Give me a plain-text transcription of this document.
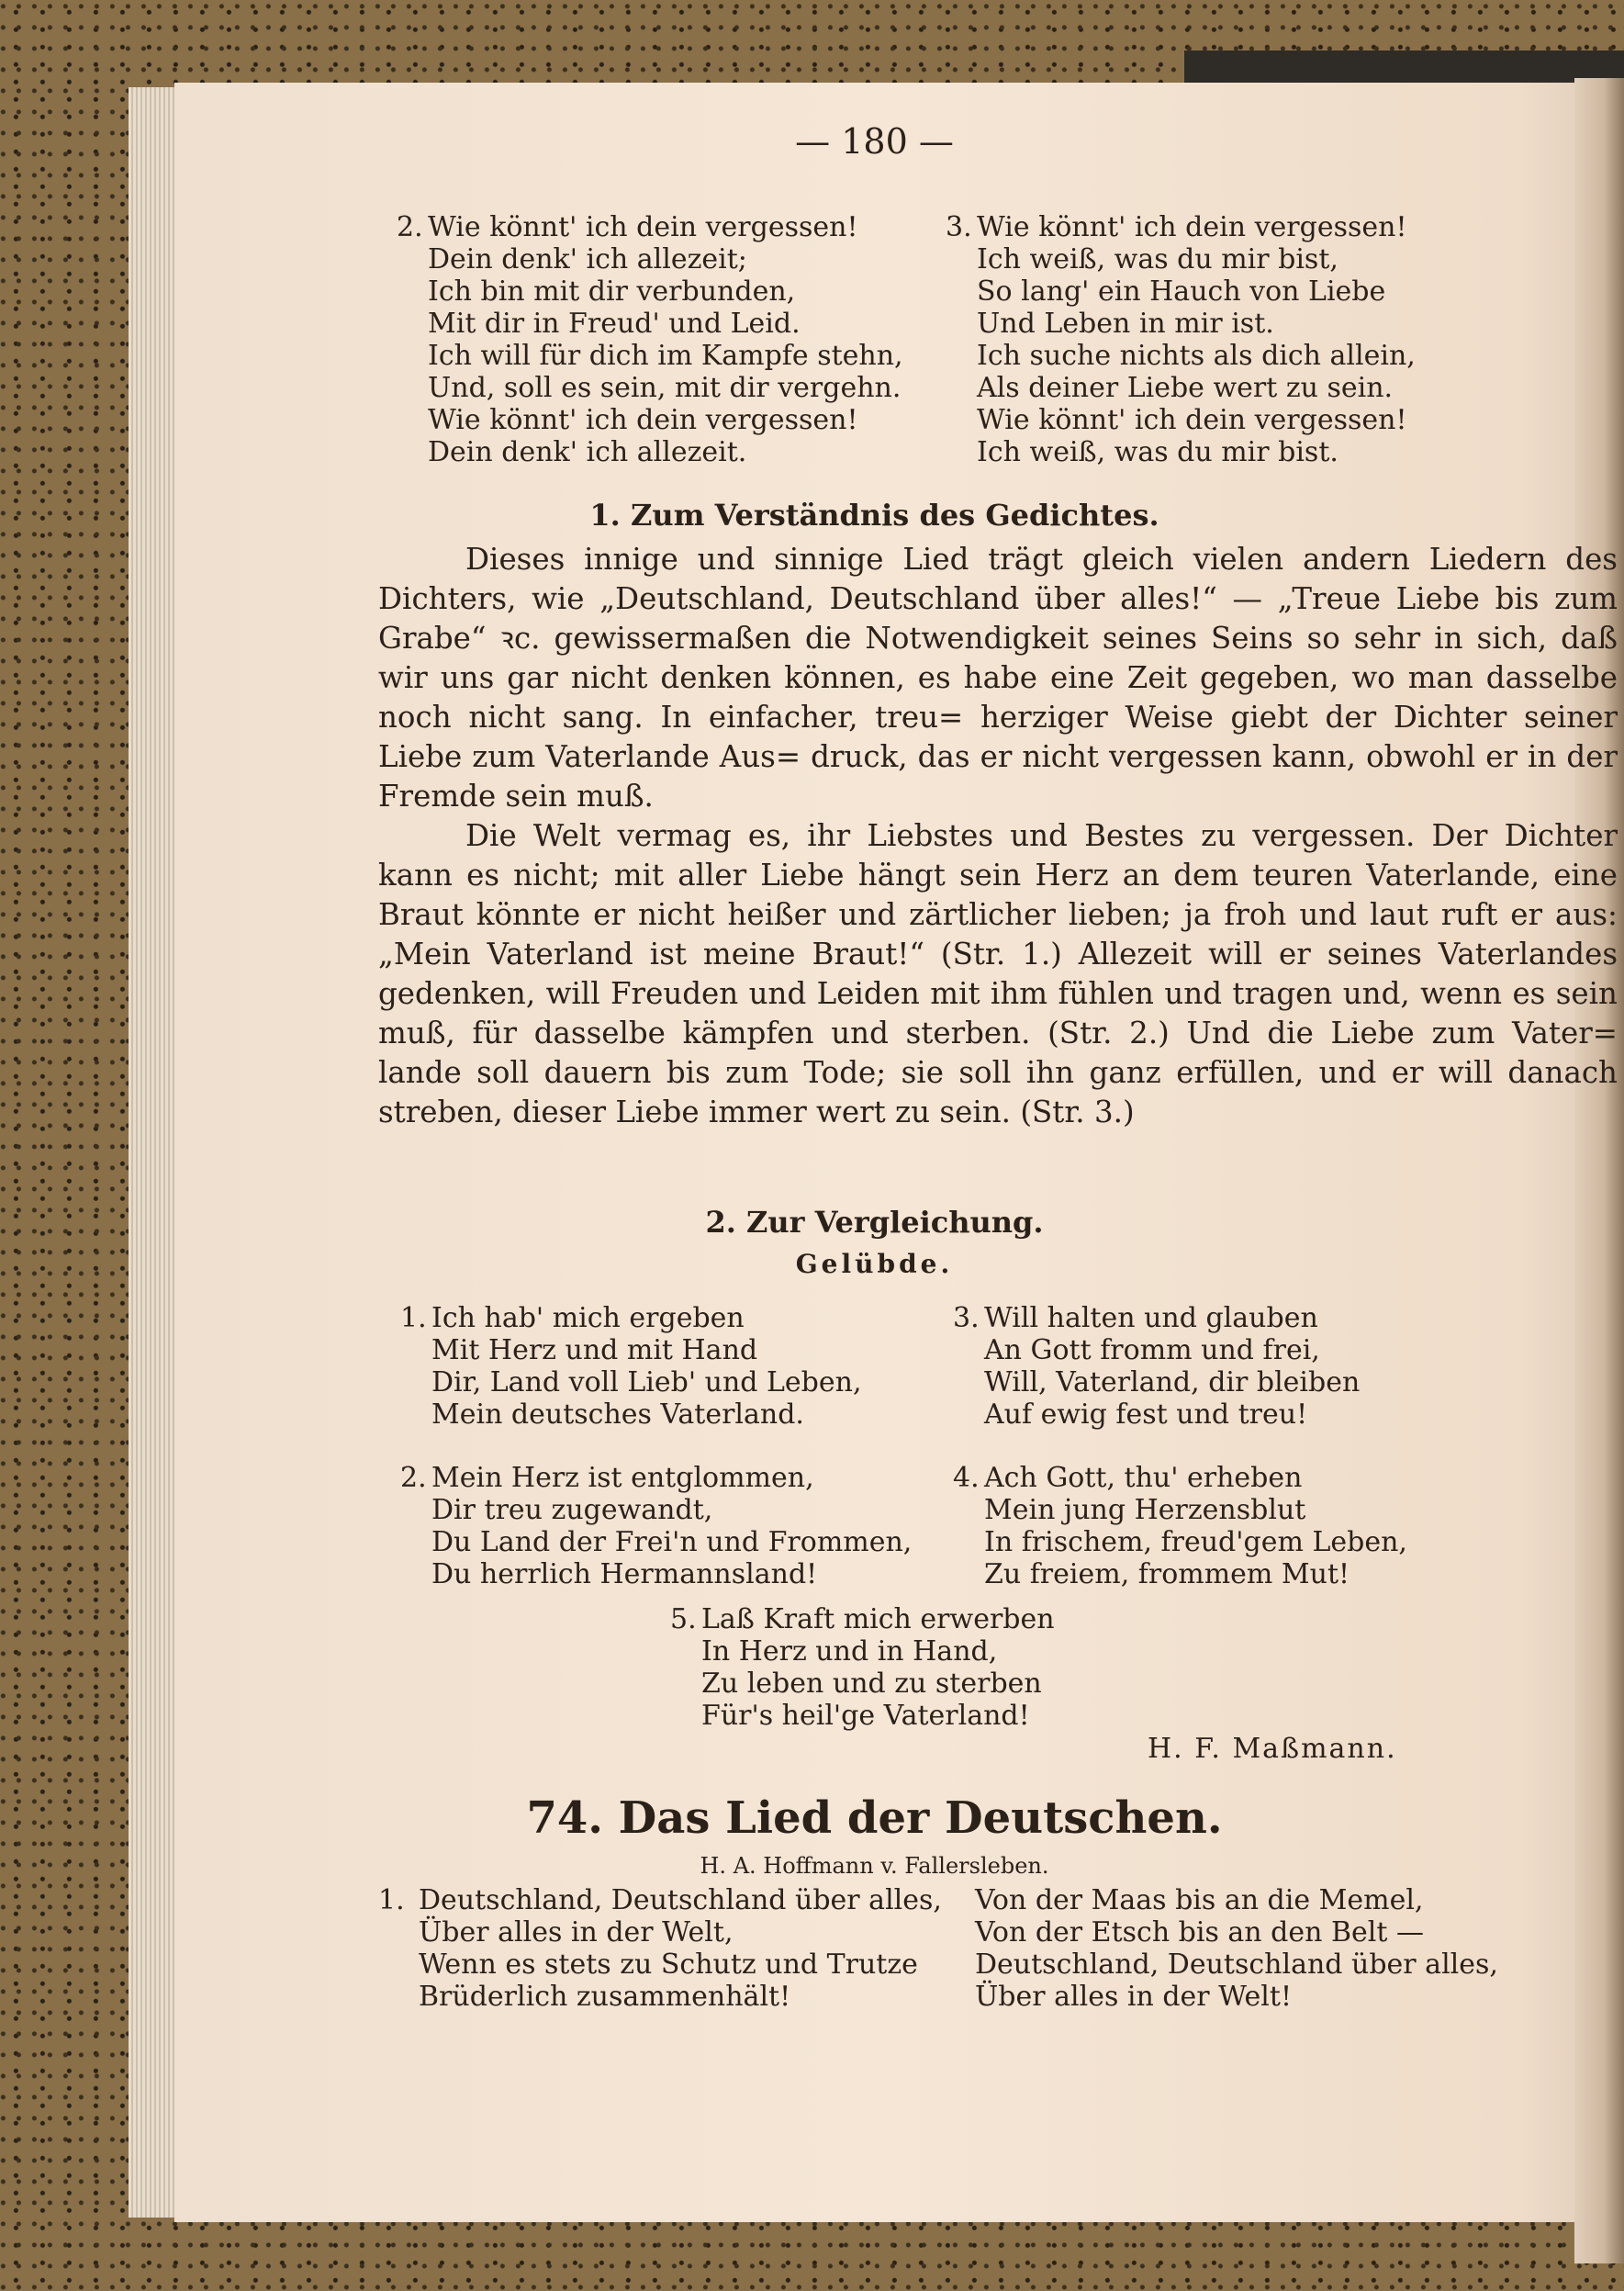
— 180 —
2. Wie könnt' ich dein vergessen!
Dein denk' ich allezeit;
Ich bin mit dir verbunden,
Mit dir in Freud' und Leid.
Ich will für dich im Kampfe stehn,
Und, soll es sein, mit dir vergehn.
Wie könnt' ich dein vergessen!
Dein denk' ich allezeit.
3. Wie könnt' ich dein vergessen!
Ich weiß, was du mir bist,
So lang' ein Hauch von Liebe
Und Leben in mir ist.
Ich suche nichts als dich allein,
Als deiner Liebe wert zu sein.
Wie könnt' ich dein vergessen!
Ich weiß, was du mir bist.
1. Zum Verständnis des Gedichtes.

Dieses innige und sinnige Lied trägt gleich vielen andern Liedern des Dichters, wie „Deutschland, Deutschland über alles!“ — „Treue Liebe bis zum Grabe“ ꝛc. gewissermaßen die Notwendigkeit seines Seins so sehr in sich, daß wir uns gar nicht denken können, es habe eine Zeit gegeben, wo man dasselbe noch nicht sang. In einfacher, treu= herziger Weise giebt der Dichter seiner Liebe zum Vaterlande Aus= druck, das er nicht vergessen kann, obwohl er in der Fremde sein muß.

Die Welt vermag es, ihr Liebstes und Bestes zu vergessen. Der Dichter kann es nicht; mit aller Liebe hängt sein Herz an dem teuren Vaterlande, eine Braut könnte er nicht heißer und zärtlicher lieben; ja froh und laut ruft er aus: „Mein Vaterland ist meine Braut!“ (Str. 1.) Allezeit will er seines Vaterlandes gedenken, will Freuden und Leiden mit ihm fühlen und tragen und, wenn es sein muß, für dasselbe kämpfen und sterben. (Str. 2.) Und die Liebe zum Vater= lande soll dauern bis zum Tode; sie soll ihn ganz erfüllen, und er will danach streben, dieser Liebe immer wert zu sein. (Str. 3.)

2. Zur Vergleichung.
Gelübde.
1. Ich hab' mich ergeben
Mit Herz und mit Hand
Dir, Land voll Lieb' und Leben,
Mein deutsches Vaterland.
3. Will halten und glauben
An Gott fromm und frei,
Will, Vaterland, dir bleiben
Auf ewig fest und treu!
2. Mein Herz ist entglommen,
Dir treu zugewandt,
Du Land der Frei'n und Frommen,
Du herrlich Hermannsland!
4. Ach Gott, thu' erheben
Mein jung Herzensblut
In frischem, freud'gem Leben,
Zu freiem, frommem Mut!
5. Laß Kraft mich erwerben
In Herz und in Hand,
Zu leben und zu sterben
Für's heil'ge Vaterland!
H. F. Maßmann.
74. Das Lied der Deutschen.
H. A. Hoffmann v. Fallersleben.
1. Deutschland, Deutschland über alles,
Über alles in der Welt,
Wenn es stets zu Schutz und Trutze
Brüderlich zusammenhält!
Von der Maas bis an die Memel,
Von der Etsch bis an den Belt —
Deutschland, Deutschland über alles,
Über alles in der Welt!
